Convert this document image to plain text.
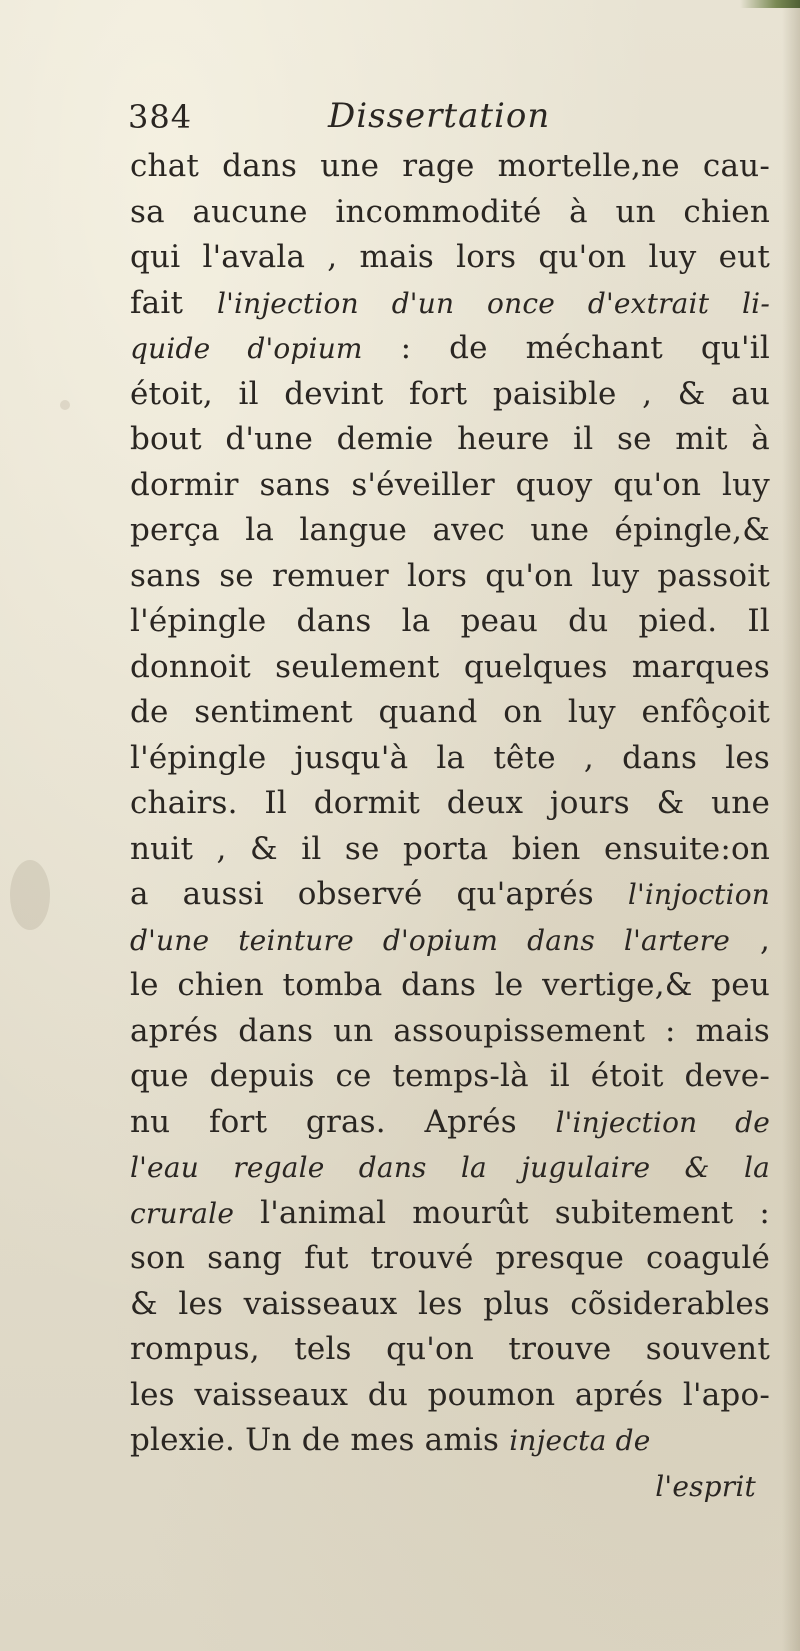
384	Dissertation
chat dans une rage mortelle,ne cau-
sa aucune incommodité à un chien
qui l'avala , mais lors qu'on luy eut
fait l'injection d'un once d'extrait li-
quide d'opium : de méchant qu'il
étoit, il devint fort paisible , & au
bout d'une demie heure il se mit à
dormir sans s'éveiller quoy qu'on luy
perça la langue avec une épingle,&
sans se remuer lors qu'on luy passoit
l'épingle dans la peau du pied. Il
donnoit seulement quelques marques
de sentiment quand on luy enfôçoit
l'épingle jusqu'à la tête , dans les
chairs. Il dormit deux jours & une
nuit , & il se porta bien ensuite:on
a aussi observé qu'aprés l'injoction
d'une teinture d'opium dans l'artere ,
le chien tomba dans le vertige,& peu
aprés dans un assoupissement : mais
que depuis ce temps-là il étoit deve-
nu fort gras. Aprés l'injection de
l'eau regale dans la jugulaire & la
crurale l'animal mourût subitement :
son sang fut trouvé presque coagulé
& les vaisseaux les plus cõsiderables
rompus, tels qu'on trouve souvent
les vaisseaux du poumon aprés l'apo-
plexie. Un de mes amis injecta de
l'esprit
